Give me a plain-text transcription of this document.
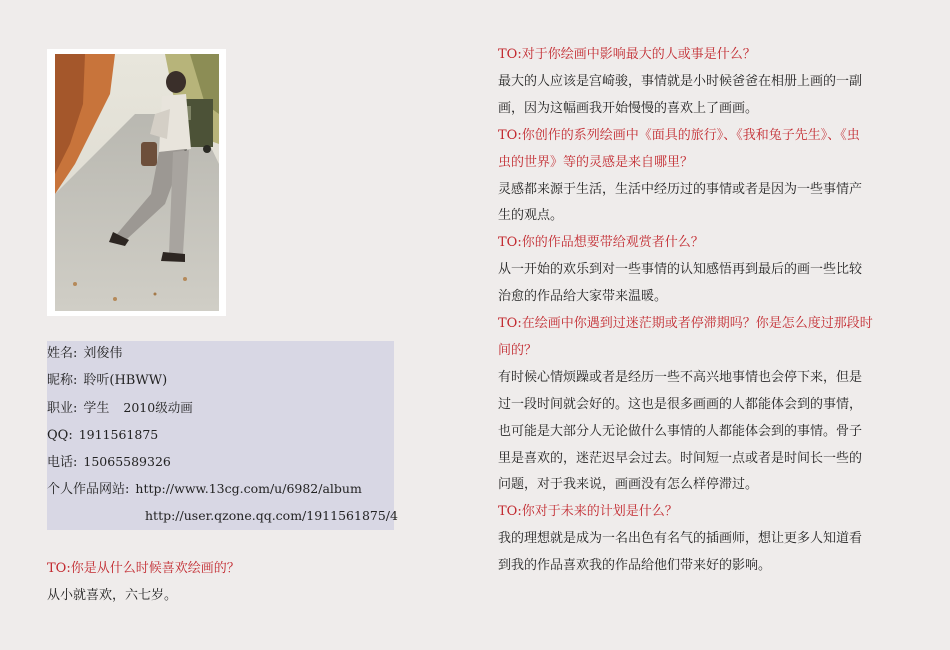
姓名: 刘俊伟
昵称: 聆听(HBWW)
职业: 学生 2010级动画
QQ: 1911561875
电话: 15065589326
个人作品网站: http://www.13cg.com/u/6982/album
http://user.qzone.qq.com/1911561875/4
TO:你是从什么时候喜欢绘画的？
从小就喜欢，六七岁。
TO:对于你绘画中影响最大的人或事是什么？
最大的人应该是宫崎骏，事情就是小时候爸爸在相册上画的一副
画，因为这幅画我开始慢慢的喜欢上了画画。
TO:你创作的系列绘画中《面具的旅行》、《我和兔子先生》、《虫
虫的世界》等的灵感是来自哪里？
灵感都来源于生活，生活中经历过的事情或者是因为一些事情产
生的观点。
TO:你的作品想要带给观赏者什么？
从一开始的欢乐到对一些事情的认知感悟再到最后的画一些比较
治愈的作品给大家带来温暖。
TO:在绘画中你遇到过迷茫期或者停滞期吗？你是怎么度过那段时
间的？
有时候心情烦躁或者是经历一些不高兴地事情也会停下来，但是
过一段时间就会好的。这也是很多画画的人都能体会到的事情，
也可能是大部分人无论做什么事情的人都能体会到的事情。骨子
里是喜欢的，迷茫迟早会过去。时间短一点或者是时间长一些的
问题，对于我来说，画画没有怎么样停滞过。
TO:你对于未来的计划是什么？
我的理想就是成为一名出色有名气的插画师，想让更多人知道看
到我的作品喜欢我的作品给他们带来好的影响。
